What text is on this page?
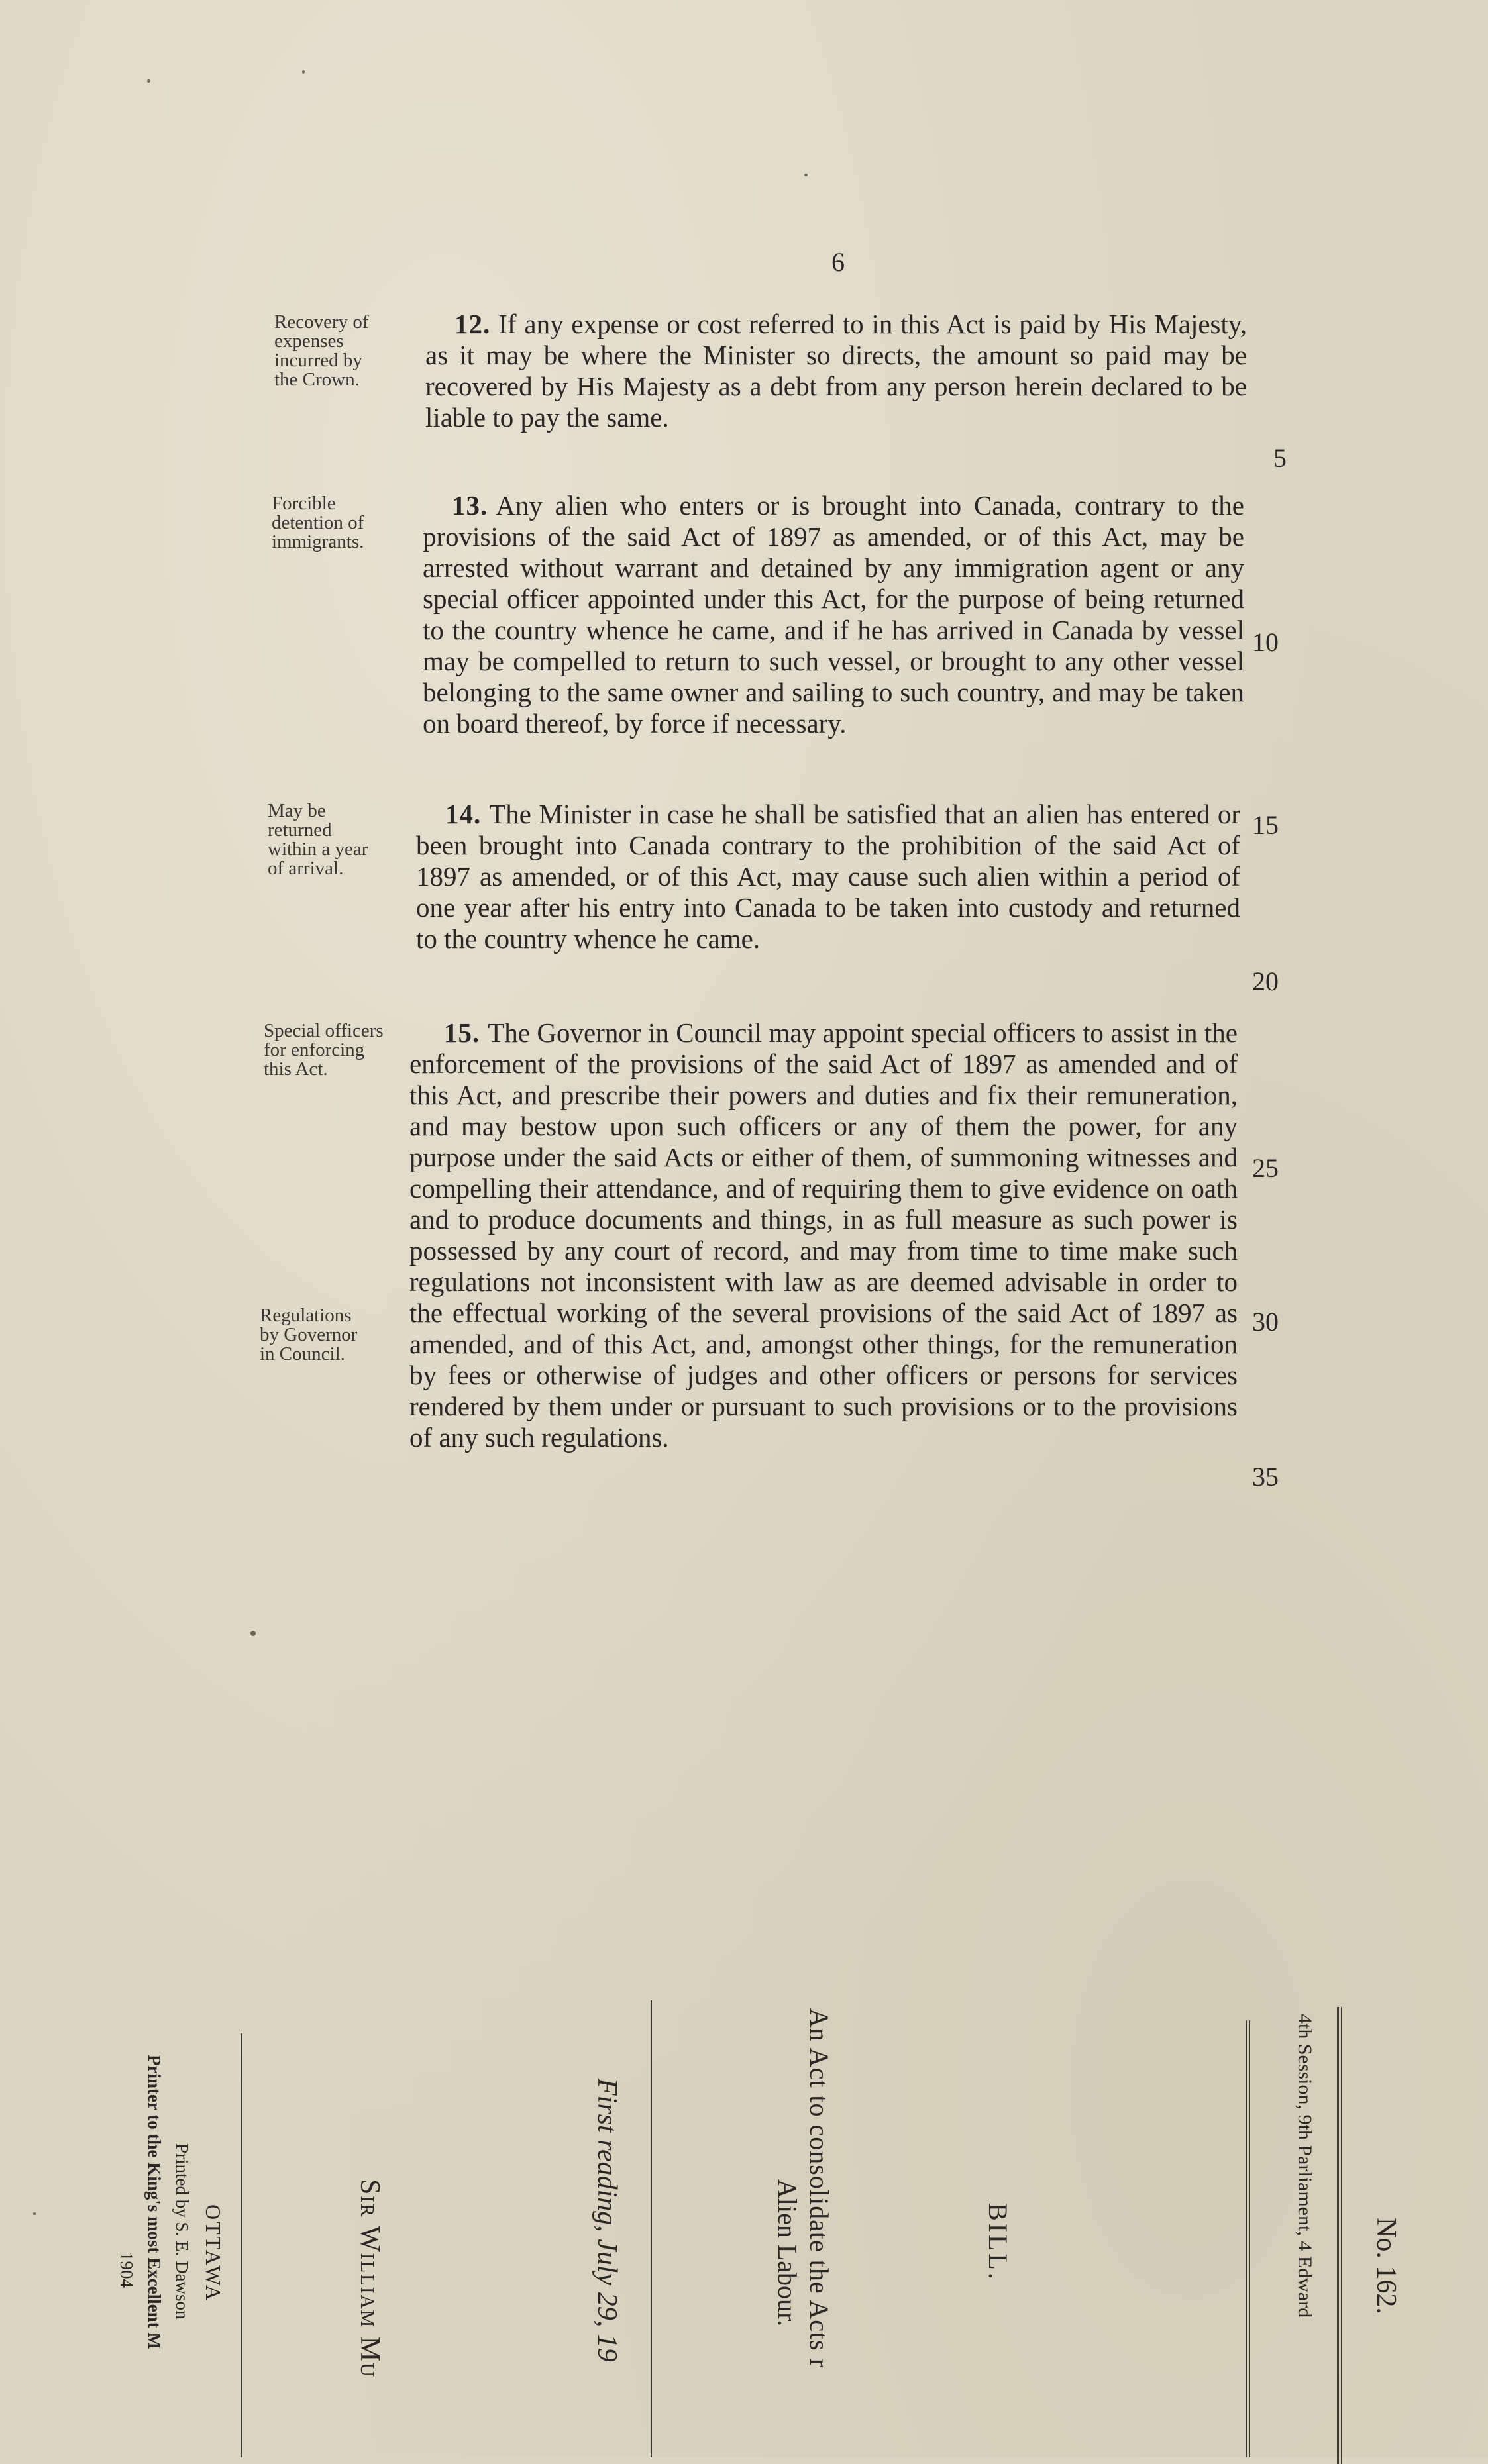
6
Recovery of
expenses
incurred by
the Crown.
12. If any expense or cost referred to in this Act is paid by His Majesty, as it may be where the Minister so directs, the amount so paid may be recovered by His Majesty as a debt from any person herein declared to be liable to pay the same.
Forcible
detention of
immigrants.
13. Any alien who enters or is brought into Canada, contrary to the provisions of the said Act of 1897 as amended, or of this Act, may be arrested without warrant and detained by any immigration agent or any special officer appointed under this Act, for the purpose of being returned to the country whence he came, and if he has arrived in Canada by vessel may be compelled to return to such vessel, or brought to any other vessel belonging to the same owner and sailing to such country, and may be taken on board thereof, by force if necessary.
May be
returned
within a year
of arrival.
14. The Minister in case he shall be satisfied that an alien has entered or been brought into Canada contrary to the prohibition of the said Act of 1897 as amended, or of this Act, may cause such alien within a period of one year after his entry into Canada to be taken into custody and returned to the country whence he came.
Special officers
for enforcing
this Act.
Regulations
by Governor
in Council.
15. The Governor in Council may appoint special officers to assist in the enforcement of the provisions of the said Act of 1897 as amended and of this Act, and prescribe their powers and duties and fix their remuneration, and may bestow upon such officers or any of them the power, for any purpose under the said Acts or either of them, of summoning witnesses and compelling their attendance, and of requiring them to give evidence on oath and to produce documents and things, in as full measure as such power is possessed by any court of record, and may from time to time make such regulations not inconsistent with law as are deemed advisable in order to the effectual working of the several provisions of the said Act of 1897 as amended, and of this Act, and, amongst other things, for the remuneration by fees or otherwise of judges and other officers or persons for services rendered by them under or pursuant to such provisions or to the provisions of any such regulations.
5
10
15
20
25
30
35
No. 162.
4th Session, 9th Parliament, 4 Edward
BILL.
An Act to consolidate the Acts r
Alien Labour.
First reading, July 29, 19
Sir William Mu
OTTAWA
Printed by S. E. Dawson
Printer to the King's most Excellent M
1904
